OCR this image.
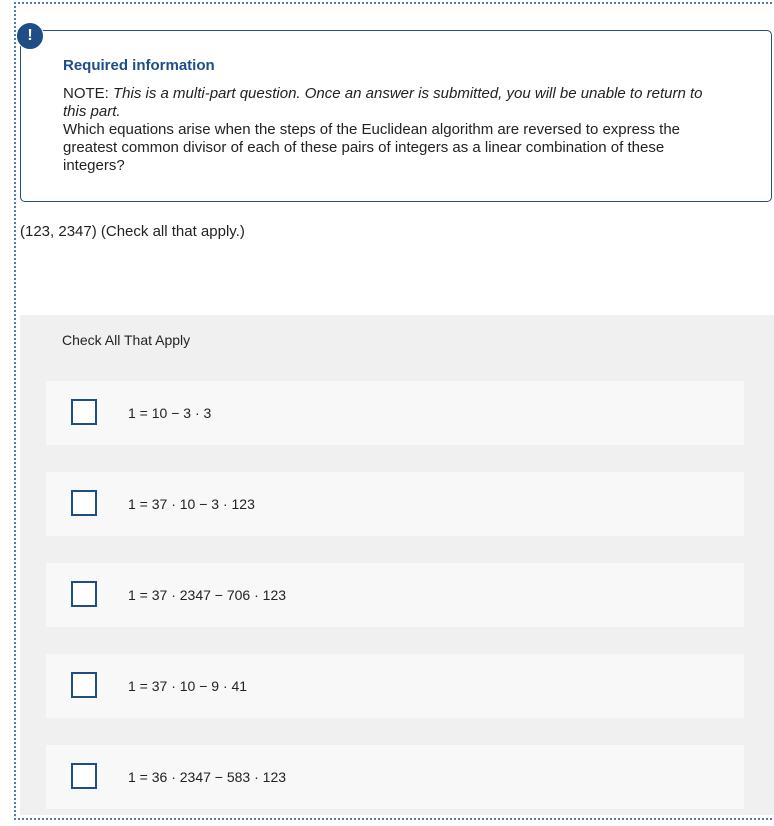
!
Required information
NOTE: This is a multi-part question. Once an answer is submitted, you will be unable to return to this part.
Which equations arise when the steps of the Euclidean algorithm are reversed to express the greatest common divisor of each of these pairs of integers as a linear combination of these integers?
(123, 2347) (Check all that apply.)
Check All That Apply
1 = 10 − 3 · 3
1 = 37 · 10 − 3 · 123
1 = 37 · 2347 − 706 · 123
1 = 37 · 10 − 9 · 41
1 = 36 · 2347 − 583 · 123
